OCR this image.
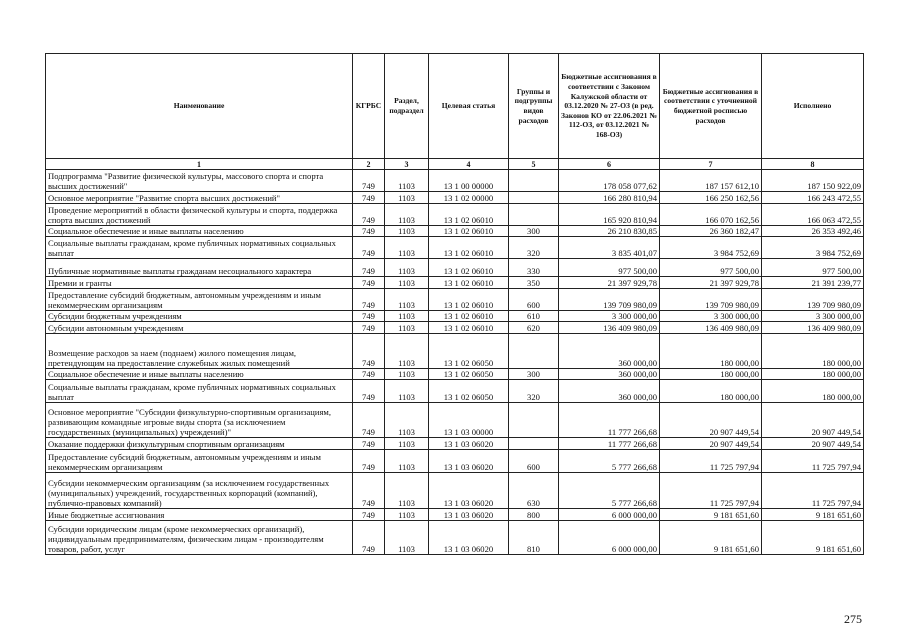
Наименование	КГРБС	Раздел, подраздел	Целевая статья	Группы и подгруппы видов расходов	Бюджетные ассигнования в соответствии с Законом Калужской области от 03.12.2020 № 27-ОЗ (в ред. Законов КО от 22.06.2021 № 112-ОЗ, от 03.12.2021 № 168-ОЗ)	Бюджетные ассигнования в соответствии с уточненной бюджетной росписью расходов	Исполнено
1	2	3	4	5	6	7	8
Подпрограмма "Развитие физической культуры, массового спорта и спорта высших достижений"	749	1103	13 1 00 00000		178 058 077,62	187 157 612,10	187 150 922,09
Основное мероприятие "Развитие спорта высших достижений"	749	1103	13 1 02 00000		166 280 810,94	166 250 162,56	166 243 472,55
Проведение мероприятий в области физической культуры и спорта, поддержка спорта высших достижений	749	1103	13 1 02 06010		165 920 810,94	166 070 162,56	166 063 472,55
Социальное обеспечение и иные выплаты населению	749	1103	13 1 02 06010	300	26 210 830,85	26 360 182,47	26 353 492,46
Социальные выплаты гражданам, кроме публичных нормативных социальных выплат	749	1103	13 1 02 06010	320	3 835 401,07	3 984 752,69	3 984 752,69
Публичные нормативные выплаты гражданам несоциального характера	749	1103	13 1 02 06010	330	977 500,00	977 500,00	977 500,00
Премии и гранты	749	1103	13 1 02 06010	350	21 397 929,78	21 397 929,78	21 391 239,77
Предоставление субсидий бюджетным, автономным учреждениям и иным некоммерческим организациям	749	1103	13 1 02 06010	600	139 709 980,09	139 709 980,09	139 709 980,09
Субсидии бюджетным учреждениям	749	1103	13 1 02 06010	610	3 300 000,00	3 300 000,00	3 300 000,00
Субсидии автономным учреждениям	749	1103	13 1 02 06010	620	136 409 980,09	136 409 980,09	136 409 980,09
Возмещение расходов за наем (поднаем) жилого помещения лицам, претендующим на предоставление служебных жилых помещений	749	1103	13 1 02 06050		360 000,00	180 000,00	180 000,00
Социальное обеспечение и иные выплаты населению	749	1103	13 1 02 06050	300	360 000,00	180 000,00	180 000,00
Социальные выплаты гражданам, кроме публичных нормативных социальных выплат	749	1103	13 1 02 06050	320	360 000,00	180 000,00	180 000,00
Основное мероприятие "Субсидии физкультурно-спортивным организациям, развивающим командные игровые виды спорта (за исключением государственных (муниципальных) учреждений)"	749	1103	13 1 03 00000		11 777 266,68	20 907 449,54	20 907 449,54
Оказание поддержки физкультурным спортивным организациям	749	1103	13 1 03 06020		11 777 266,68	20 907 449,54	20 907 449,54
Предоставление субсидий бюджетным, автономным учреждениям и иным некоммерческим организациям	749	1103	13 1 03 06020	600	5 777 266,68	11 725 797,94	11 725 797,94
Субсидии некоммерческим организациям (за исключением государственных (муниципальных) учреждений, государственных корпораций (компаний), публично-правовых компаний)	749	1103	13 1 03 06020	630	5 777 266,68	11 725 797,94	11 725 797,94
Иные бюджетные ассигнования	749	1103	13 1 03 06020	800	6 000 000,00	9 181 651,60	9 181 651,60
Субсидии юридическим лицам (кроме некоммерческих организаций), индивидуальным предпринимателям, физическим лицам - производителям товаров, работ, услуг	749	1103	13 1 03 06020	810	6 000 000,00	9 181 651,60	9 181 651,60
275
